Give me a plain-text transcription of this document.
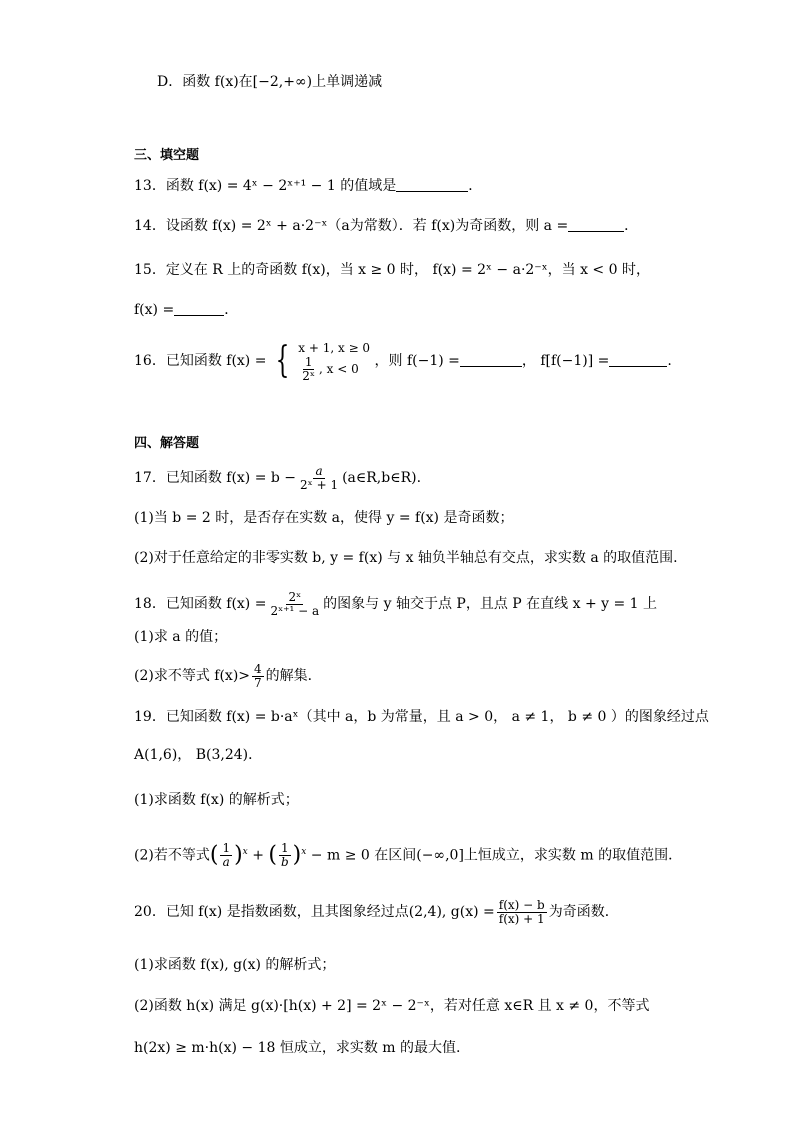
D．函数 f(x)在[−2,+∞)上单调递减
三、填空题
13．函数 f(x) = 4ˣ − 2ˣ⁺¹ − 1 的值域是	．
14．设函数 f(x) = 2ˣ + a·2⁻ˣ（a为常数）．若 f(x)为奇函数，则 a =	．
15．定义在 R 上的奇函数 f(x)，当 x ≥ 0 时， f(x) = 2ˣ − a·2⁻ˣ，当 x < 0 时，
f(x) =	．
16．已知函数 f(x) = { x + 1, x ≥ 0
$\frac{1}{\text{2ˣ}}$ , x < 0	，则 f(−1) =	， f[f(−1)] =	.
四、解答题
17．已知函数 $f(x) = b - \frac{a}{\text{2ˣ + 1}}$ (a∈R,b∈R).
(1)当 b = 2 时，是否存在实数 a，使得 y = f(x) 是奇函数；
(2)对于任意给定的非零实数 b, y = f(x) 与 x 轴负半轴总有交点，求实数 a 的取值范围.
18．已知函数 $f(x) = \frac{\text{2ˣ}}{\text{2ˣ⁺¹ − a}}$ 的图象与 y 轴交于点 P，且点 P 在直线 x + y = 1 上
(1)求 a 的值；
(2)求不等式 $f(x)> \frac{4}{7}$ 的解集．
19．已知函数 f(x) = b·aˣ（其中 a，b 为常量，且 a > 0， a ≠ 1， b ≠ 0 ）的图象经过点
A(1,6)， B(3,24)．
(1)求函数 f(x) 的解析式；
(2)若不等式( $\frac{1}{a} )^x$ + ( $\frac{1}{b} )^x - m \ge 0$ 在区间(−∞,0]上恒成立，求实数 m 的取值范围．
20．已知 f(x) 是指数函数，且其图象经过点(2,4), $g(x) = \frac{f(x) - b}{f(x) + 1}$ 为奇函数．
(1)求函数 f(x), g(x) 的解析式；
(2)函数 h(x) 满足 g(x)·[h(x) + 2] = 2ˣ − 2⁻ˣ，若对任意 x∈R 且 x ≠ 0，不等式
h(2x) ≥ m·h(x) − 18 恒成立，求实数 m 的最大值.
